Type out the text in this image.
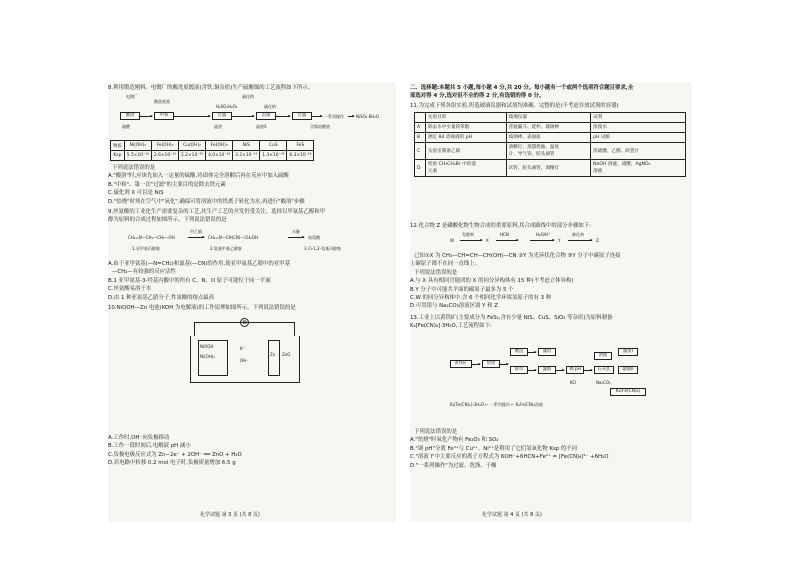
8.利用锻造刚料、电镀厂的酸洗废镀液(含铁,铜杂质)生产硫酸镍的工艺流程如下所示。

电镀厂
酸洗废液
硫化钠
H₂SO₄ H₂O₂	硫化钠
酸溶	中和	过滤	沉镍	过滤	一系列操作	NiSO₄·6H₂O
硫酸	滤渣	滤液X	含镍流酸液
物质	Ni(OH)₂	Fe(OH)₂	Cu(OH)₂	Fe(OH)₃	NiS	CuS	FeS
Ksp	5.5×10⁻¹⁶	2.6×10⁻¹⁵	2.2×10⁻²⁰	4.0×10⁻³⁸	3.2×10⁻¹⁹	1.3×10⁻³⁶	6.3×10⁻¹⁸

下列说法错误的是

A."酸溶"时,应该先加入一定量的硫酸,待固体完全溶解后再在反应中加入硫酸

B."中和"、第一次"过滤"的主要目的是除去铁元素

C.硫化剂 X 可以是 NiS

D."焙烧"时须在空气中"氧化",确保可将溶液中的铁离子转化为水,再进行"酸溶"步骤

9.丝氨酸的工业化生产需要复杂的工艺,其生产工艺的开发仍受关注。选择以甲氨基乙醇和甲

醇为原料的合成过程如图所示。下列说法错误的是

CH₂=N—CH₂—CH₂—OH
甲乙腈
→ CH₂=N—CH(CN)—CH₂OH
水解
→ 丝氨酸
1.亚甲基丙醇胺	2.氨基甲基乙醇胺	3.丙-1,2-氨基丙醇胺

A.由于亚甲氨基(—N=CH₂)和氰基(—CN)的作用,使亚甲氨基乙腈中的亚甲基

—CH₂—有较强的反应活性

B.1 亚甲氨基-3-羟基丙酸中的所有 C、N、O 原子可能位于同一平面

C.丝氨酸易溶于水

D.由 1 种亚氨基乙腈分子,性氢酸的熔点最高

10.NiOOH—Zn 电池(KOH 为电解液)的工作原理如图所示。下列说法错误的是

⊗
NiOOH
Ni(OH)₂
K⁺
OH⁻
Zn ZnO

A.工作时,OH⁻向负极移动

B.工作一段时间后,电解液 pH 减小

C.负极电极反应式为 Zn−2e⁻ + 2OH⁻ ══ ZnO + H₂O

D.若电路中转移 0.2 mol 电子时,负极质量增加 6.5 g

化学试题 第 3 页 (共 8 页)

二、选择题:本题共 5 小题,每小题 4 分,共 20 分。每小题有一个或两个选项符合题目要求,全

部选对得 4 分,选对但不全的得 2 分,有选错的得 0 分。

11.为完成下列各组实验,所选玻璃仪器和试剂均准确、完整的是(不考虑存放试剂的容器)

	实验目的	玻璃仪器	试剂
A	除去水中少量的苯酚	普通漏斗、烧杯、玻璃棒	浓溴水
B	测定 84 消毒液的 pH	玻璃棒、表面皿	pH 试纸
C	实验室制备乙烯	酒精灯、蒸馏烧瓶、温度
计、导气管、胶头滴管	浓硫酸、乙醇、碎瓷片
D	检验 CH₃CH₂Br 中的溴
元素	试管、胶头滴管、酒精灯	NaOH 溶液、硝酸、AgNO₃
溶液

12.化合物 Z 是磷酸化物生物合成的重要原料,其合成路线中的部分步骤如下:

W
发醛剂
→ X
HCN	H₂O/H⁺
→ Y
催化剂
→ Z

已知①X 为 CH₃—CH=CH—CH(OH)—CN ②Y 为光环状化合物 ③Y 分子中碳原子连接

上碳原子都不在同一直线上。

下列说法错误的是

A.与 X 具有相同官能团的 X 的同分异构体有 15 种(不考虑立体异构)

B.Y 分子中可能共平面的碳原子最多为 5 个

C.W 的同分异构体中,含 6 个相同化学环境氢原子的有 3 种

D.可用银与 Na₂CO₃溶液区别 Y 和 Z

13.工业上以黄铁矿(主要成分为 FeS₂,含有少量 NiS、CuS、SiO₂ 等杂质)为原料制备

K₄[Fe(CN)₆]·3H₂O,工艺流程如下:

黄铁矿	焙烧
酸浸
除杂
滤渣
滤液	调 pH
溶液
石灰乳
滤渣I
滤液II
KCl	Na₂CO₃
K₄[Fe(CN)₆]
K₄[Fe(CN)₆]·3H₂O ← 一系列操作 ← K₄Fe(CN)₆溶液

下列说法错误的是

A."焙烧"时氧化产物有 Fe₂O₃ 和 SO₂

B."调 pH"分离 Fe³⁺与 Cu²⁺、Ni²⁺是利用了它们氢氧化物 Ksp 的不同

C."溶液 I"中主要反应的离子方程式为 6OH⁻+6HCN+Fe²⁺ = [Fe(CN)₆]⁴⁻ +6H₂O

D."一系列操作"为过滤、洗涤、干燥

化学试题 第 4 页 (共 8 页)
